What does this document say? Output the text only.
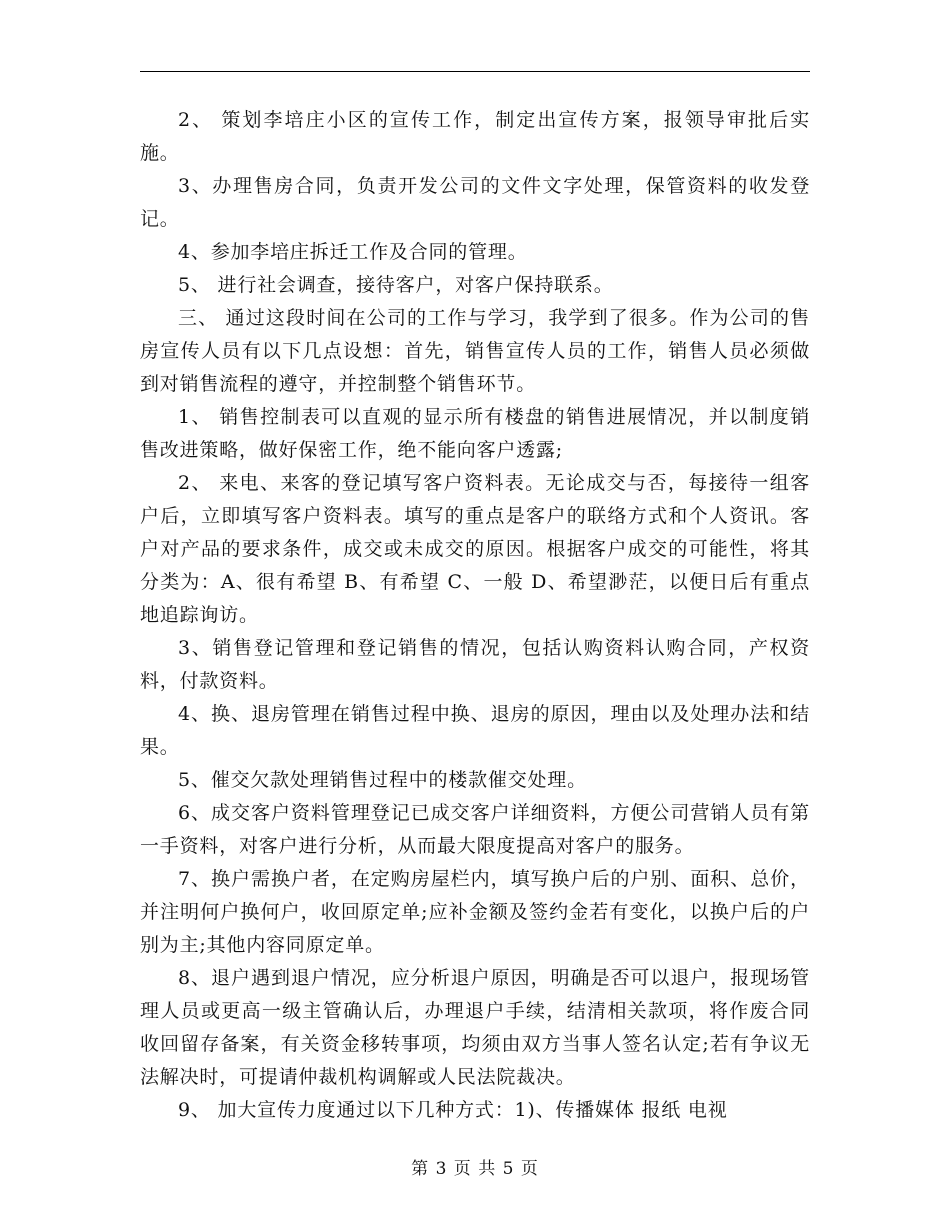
2、 策划李培庄小区的宣传工作，制定出宣传方案，报领导审批后实施。

3、办理售房合同，负责开发公司的文件文字处理，保管资料的收发登记。

4、参加李培庄拆迁工作及合同的管理。

5、 进行社会调查，接待客户，对客户保持联系。

三、 通过这段时间在公司的工作与学习，我学到了很多。作为公司的售房宣传人员有以下几点设想：首先，销售宣传人员的工作，销售人员必须做到对销售流程的遵守，并控制整个销售环节。

1、 销售控制表可以直观的显示所有楼盘的销售进展情况，并以制度销售改进策略，做好保密工作，绝不能向客户透露;

2、 来电、来客的登记填写客户资料表。无论成交与否，每接待一组客户后，立即填写客户资料表。填写的重点是客户的联络方式和个人资讯。客户对产品的要求条件，成交或未成交的原因。根据客户成交的可能性，将其分类为：A、很有希望 B、有希望 C、一般 D、希望渺茫，以便日后有重点地追踪询访。

3、销售登记管理和登记销售的情况，包括认购资料认购合同，产权资料，付款资料。

4、换、退房管理在销售过程中换、退房的原因，理由以及处理办法和结果。

5、催交欠款处理销售过程中的楼款催交处理。

6、成交客户资料管理登记已成交客户详细资料，方便公司营销人员有第一手资料，对客户进行分析，从而最大限度提高对客户的服务。

7、换户需换户者，在定购房屋栏内，填写换户后的户别、面积、总价，并注明何户换何户，收回原定单;应补金额及签约金若有变化，以换户后的户别为主;其他内容同原定单。

8、退户遇到退户情况，应分析退户原因，明确是否可以退户，报现场管理人员或更高一级主管确认后，办理退户手续，结清相关款项，将作废合同收回留存备案，有关资金移转事项，均须由双方当事人签名认定;若有争议无法解决时，可提请仲裁机构调解或人民法院裁决。

9、 加大宣传力度通过以下几种方式：1)、传播媒体 报纸 电视

第 3 页 共 5 页
